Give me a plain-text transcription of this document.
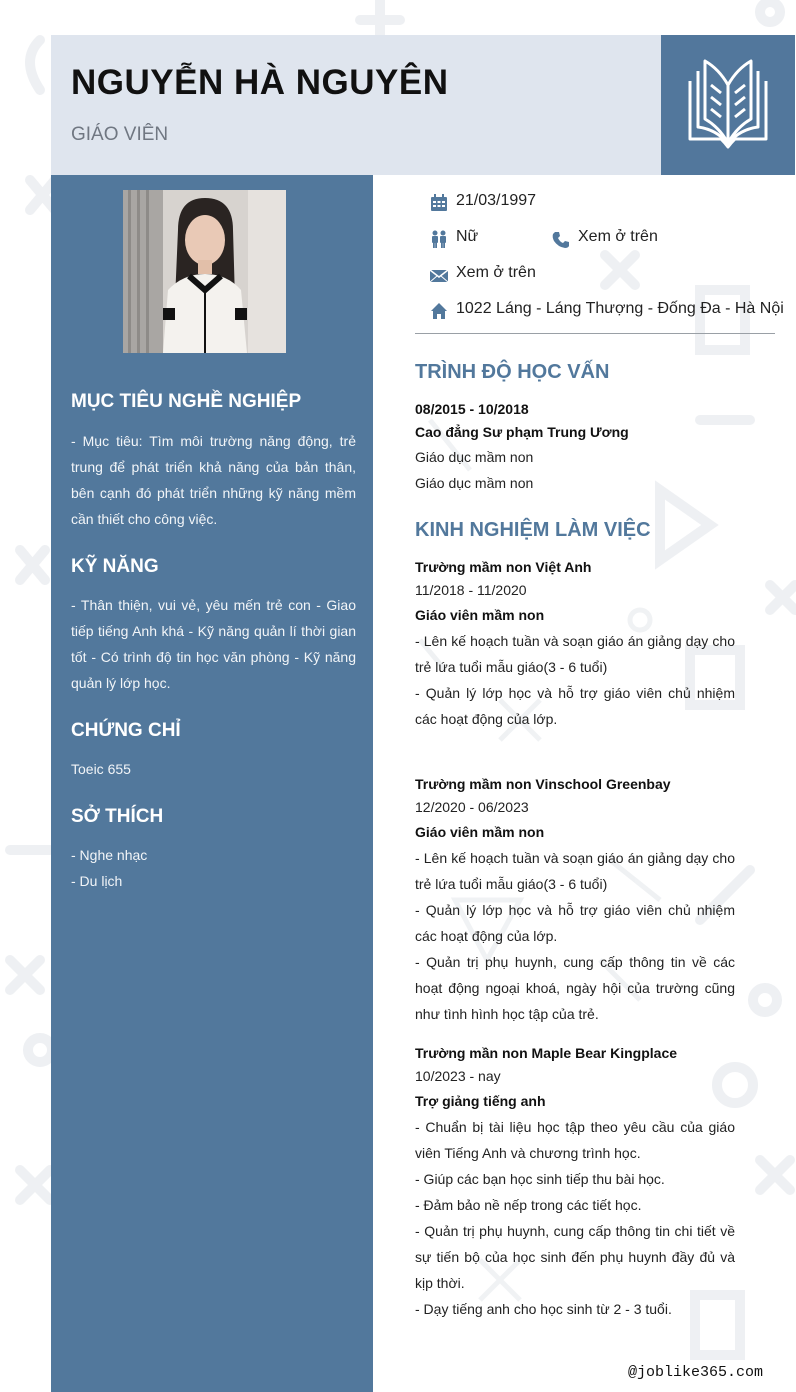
NGUYỄN HÀ NGUYÊN
GIÁO VIÊN
MỤC TIÊU NGHỀ NGHIỆP

- Mục tiêu: Tìm môi trường năng động, trẻ trung để phát triển khả năng của bản thân, bên cạnh đó phát triển những kỹ năng mềm cần thiết cho công việc.

KỸ NĂNG

- Thân thiện, vui vẻ, yêu mến trẻ con - Giao tiếp tiếng Anh khá - Kỹ năng quản lí thời gian tốt - Có trình độ tin học văn phòng - Kỹ năng quản lý lớp học.

CHỨNG CHỈ
Toeic 655
SỞ THÍCH
- Nghe nhạc
- Du lịch
21/03/1997
Nữ	Xem ở trên
Xem ở trên
1022 Láng - Láng Thượng - Đống Đa - Hà Nội
TRÌNH ĐỘ HỌC VẤN
08/2015 - 10/2018
Cao đẳng Sư phạm Trung Ương
Giáo dục mầm non
Giáo dục mầm non
KINH NGHIỆM LÀM VIỆC
Trường mầm non Việt Anh
11/2018 - 11/2020
Giáo viên mầm non

- Lên kế hoạch tuần và soạn giáo án giảng dạy cho trẻ lứa tuổi mẫu giáo(3 - 6 tuổi)

- Quản lý lớp học và hỗ trợ giáo viên chủ nhiệm các hoạt động của lớp.

Trường mầm non Vinschool Greenbay
12/2020 - 06/2023
Giáo viên mầm non

- Lên kế hoạch tuần và soạn giáo án giảng dạy cho trẻ lứa tuổi mẫu giáo(3 - 6 tuổi)

- Quản lý lớp học và hỗ trợ giáo viên chủ nhiệm các hoạt động của lớp.

- Quản trị phụ huynh, cung cấp thông tin về các hoạt động ngoại khoá, ngày hội của trường cũng như tình hình học tập của trẻ.

Trường mần non Maple Bear Kingplace
10/2023 - nay
Trợ giảng tiếng anh

- Chuẩn bị tài liệu học tập theo yêu cầu của giáo viên Tiếng Anh và chương trình học.

- Giúp các bạn học sinh tiếp thu bài học.

- Đảm bảo nề nếp trong các tiết học.

- Quản trị phụ huynh, cung cấp thông tin chi tiết về sự tiến bộ của học sinh đến phụ huynh đầy đủ và kịp thời.

- Dạy tiếng anh cho học sinh từ 2 - 3 tuổi.

@joblike365.com
